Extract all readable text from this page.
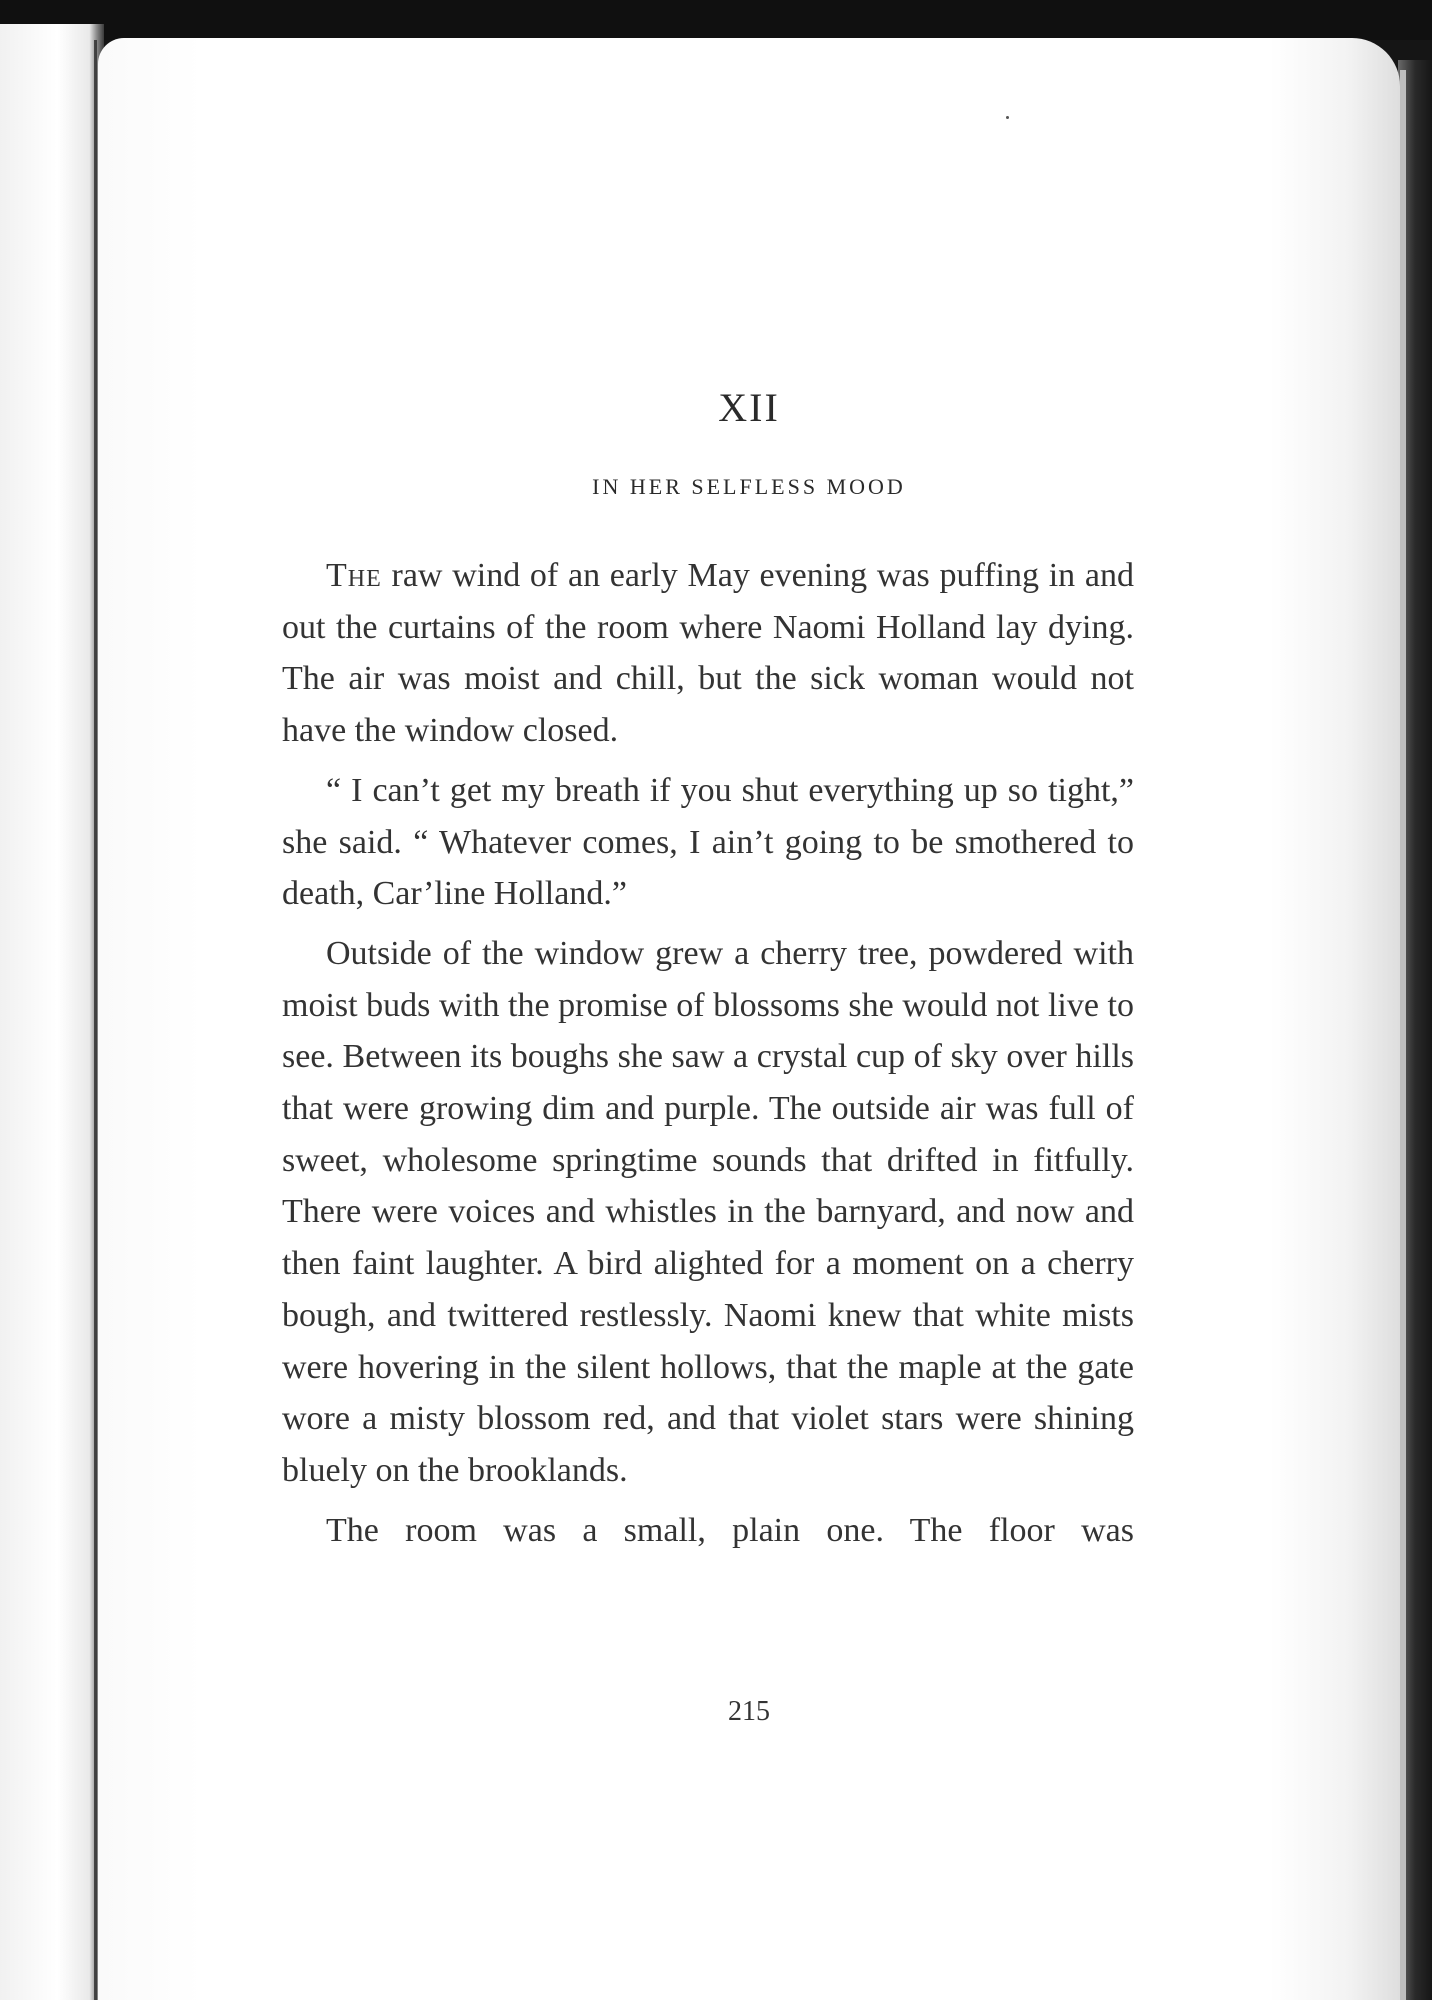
XII
IN HER SELFLESS MOOD

The raw wind of an early May evening was puffing in and out the curtains of the room where Naomi Holland lay dying. The air was moist and chill, but the sick woman would not have the window closed.

“ I can’t get my breath if you shut everything up so tight,” she said. “ Whatever comes, I ain’t going to be smothered to death, Car’line Holland.”

Outside of the window grew a cherry tree, powdered with moist buds with the promise of blossoms she would not live to see. Between its boughs she saw a crystal cup of sky over hills that were growing dim and purple. The outside air was full of sweet, wholesome springtime sounds that drifted in fitfully. There were voices and whistles in the barnyard, and now and then faint laughter. A bird alighted for a moment on a cherry bough, and twittered restlessly. Naomi knew that white mists were hovering in the silent hollows, that the maple at the gate wore a misty blossom red, and that violet stars were shining bluely on the brooklands.

The room was a small, plain one. The floor was

215
